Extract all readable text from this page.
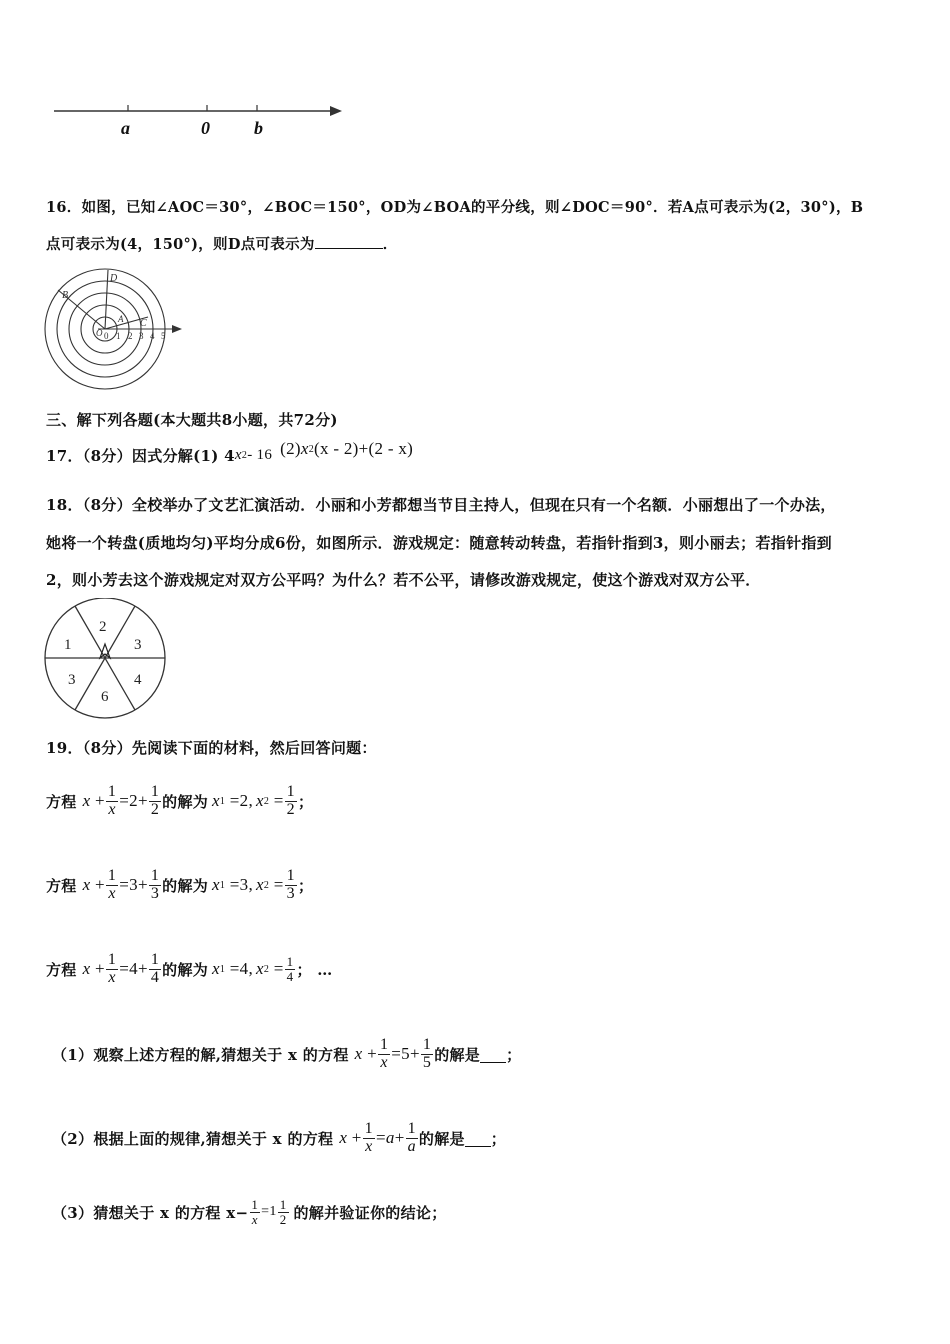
a	0 b
16．如图，已知∠AOC＝30°，∠BOC＝150°，OD为∠BOA的平分线，则∠DOC＝90°．若A点可表示为(2，30°)，B
点可表示为(4，150°)，则D点可表示为	．
D
B
A C
O 0 1 2 3 4 5
三、解下列各题(本大题共8小题，共72分)
17．（8分）因式分解(1) 4 x 2 - 16 (2) x 2 (x - 2)+(2 - x)
18．（8分）全校举办了文艺汇演活动．小丽和小芳都想当节目主持人，但现在只有一个名额．小丽想出了一个办法，
她将一个转盘(质地均匀)平均分成6份，如图所示．游戏规定：随意转动转盘，若指针指到3，则小丽去；若指针指到
2，则小芳去这个游戏规定对双方公平吗？为什么？若不公平，请修改游戏规定，使这个游戏对双方公平．
1
2
3
4
6
3
19．（8分）先阅读下面的材料，然后回答问题：
方程 x
+ $\frac{1}{x} = 2 + \frac{1}{2}$ 的解为 x 1
= 2 , x 2
= $\frac{1}{2}$ ；
方程 x
+ $\frac{1}{x} = 3 + \frac{1}{3}$ 的解为 x 1
= 3 , x 2
= $\frac{1}{3}$ ；
方程 x
+ $\frac{1}{x} = 4 + \frac{1}{4}$ 的解为 x 1
= 4 , x 2
= $\frac{1}{4}$ ； …
（1）观察上述方程的解,猜想关于 x 的方程 x
+ $\frac{1}{x} = 5 + \frac{1}{5}$ 的解是 ；
（2）根据上面的规律,猜想关于 x 的方程 x
+ $\frac{1}{x} = a + \frac{1}{a}$ 的解是 ；
（3）猜想关于 x 的方程 $x- \frac{1}{x} = 1 \frac{1}{2}$ 的解并验证你的结论；
